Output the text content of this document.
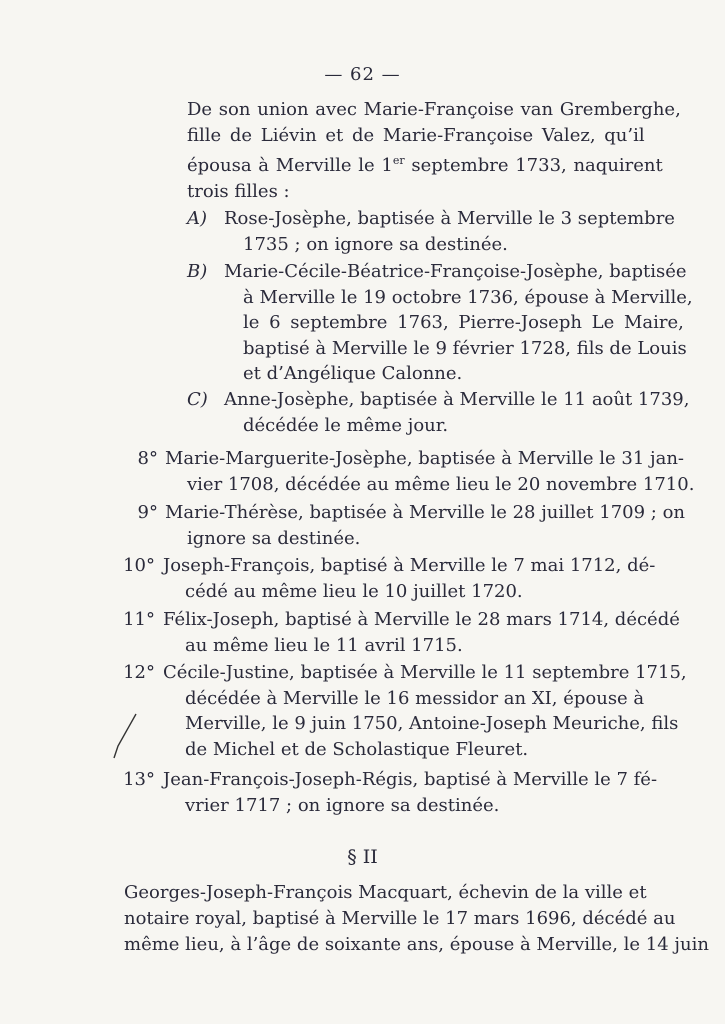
— 62 —
De son union avec Marie-Françoise van Gremberghe,
fille de Liévin et de Marie-Françoise Valez, qu’il
épousa à Merville le 1er septembre 1733, naquirent
trois filles :
A) Rose-Josèphe, baptisée à Merville le 3 septembre
1735 ; on ignore sa destinée.
B) Marie-Cécile-Béatrice-Françoise-Josèphe, baptisée
à Merville le 19 octobre 1736, épouse à Merville,
le 6 septembre 1763, Pierre-Joseph Le Maire,
baptisé à Merville le 9 février 1728, fils de Louis
et d’Angélique Calonne.
C) Anne-Josèphe, baptisée à Merville le 11 août 1739,
décédée le même jour.
8° Marie-Marguerite-Josèphe, baptisée à Merville le 31 jan-
vier 1708, décédée au même lieu le 20 novembre 1710.
9° Marie-Thérèse, baptisée à Merville le 28 juillet 1709 ; on
ignore sa destinée.
10° Joseph-François, baptisé à Merville le 7 mai 1712, dé-
cédé au même lieu le 10 juillet 1720.
11° Félix-Joseph, baptisé à Merville le 28 mars 1714, décédé
au même lieu le 11 avril 1715.
12° Cécile-Justine, baptisée à Merville le 11 septembre 1715,
décédée à Merville le 16 messidor an XI, épouse à
Merville, le 9 juin 1750, Antoine-Joseph Meuriche, fils
de Michel et de Scholastique Fleuret.
13° Jean-François-Joseph-Régis, baptisé à Merville le 7 fé-
vrier 1717 ; on ignore sa destinée.
§ II
Georges-Joseph-François Macquart, échevin de la ville et
notaire royal, baptisé à Merville le 17 mars 1696, décédé au
même lieu, à l’âge de soixante ans, épouse à Merville, le 14 juin
